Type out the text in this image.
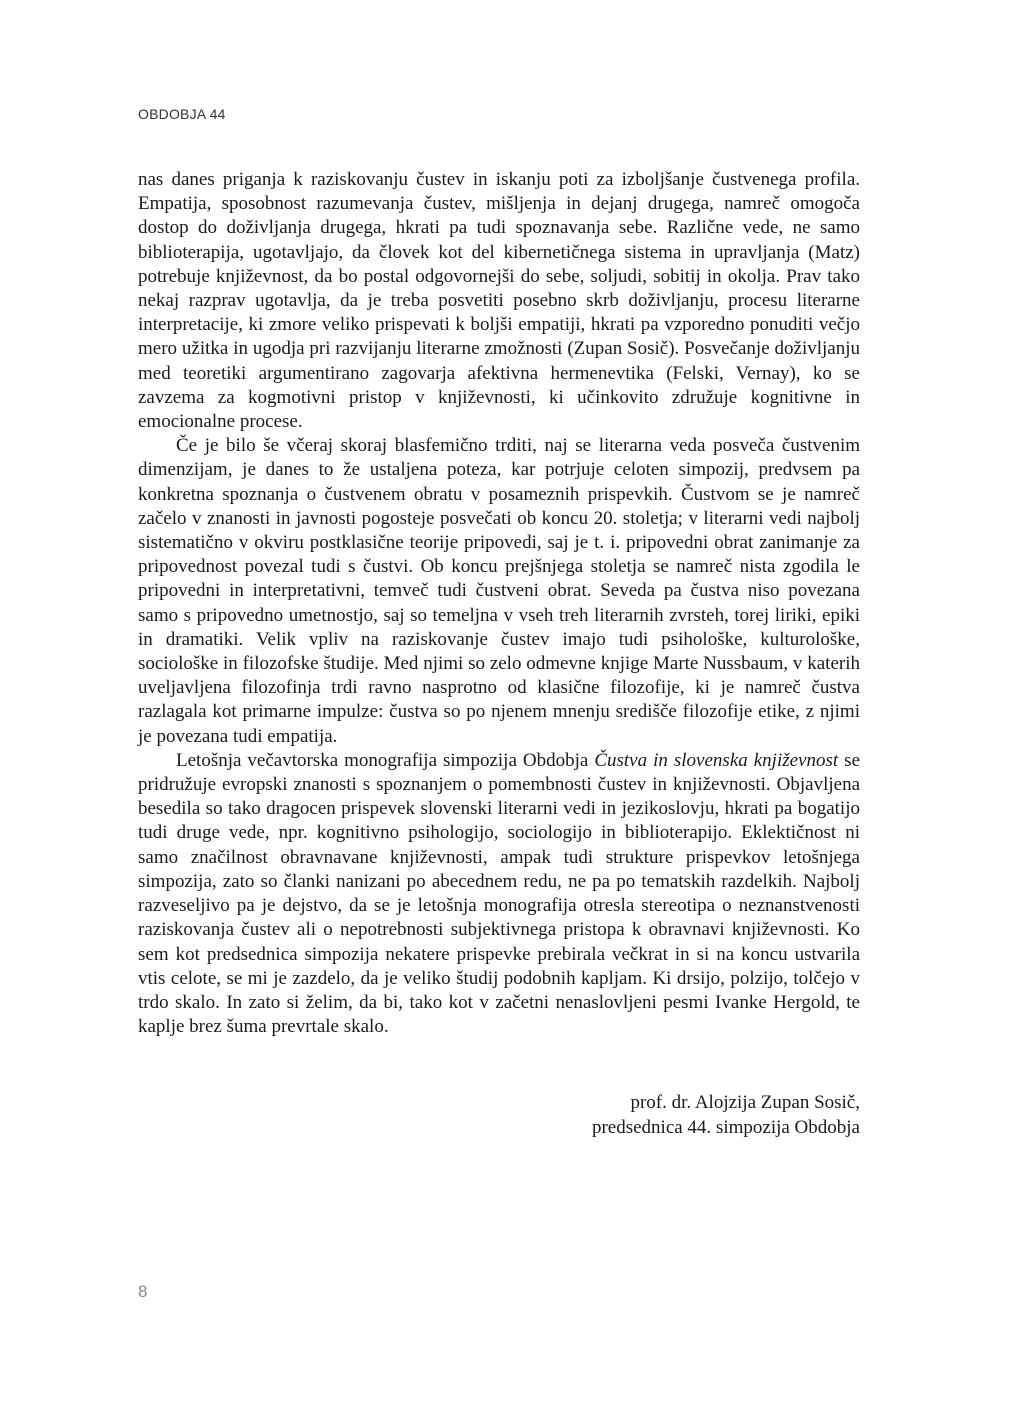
OBDOBJA 44

nas danes priganja k raziskovanju čustev in iskanju poti za izboljšanje čustvenega profila. Empatija, sposobnost razumevanja čustev, mišljenja in dejanj drugega, namreč omogoča dostop do doživljanja drugega, hkrati pa tudi spoznavanja sebe. Različne vede, ne samo biblioterapija, ugotavljajo, da človek kot del kibernetičnega sistema in upravljanja (Matz) potrebuje književnost, da bo postal odgovornejši do sebe, soljudi, sobitij in okolja. Prav tako nekaj razprav ugotavlja, da je treba posvetiti posebno skrb doživljanju, procesu literarne interpretacije, ki zmore veliko prispevati k boljši empatiji, hkrati pa vzporedno ponuditi večjo mero užitka in ugodja pri razvijanju literarne zmožnosti (Zupan Sosič). Posvečanje doživljanju med teoretiki argumentirano zagovarja afektivna hermenevtika (Felski, Vernay), ko se zavzema za kogmotivni pristop v književnosti, ki učinkovito združuje kognitivne in emocionalne procese.

Če je bilo še včeraj skoraj blasfemično trditi, naj se literarna veda posveča čustvenim dimenzijam, je danes to že ustaljena poteza, kar potrjuje celoten simpozij, predvsem pa konkretna spoznanja o čustvenem obratu v posameznih prispevkih. Čustvom se je namreč začelo v znanosti in javnosti pogosteje posvečati ob koncu 20. stoletja; v literarni vedi najbolj sistematično v okviru postklasične teorije pripovedi, saj je t. i. pripovedni obrat zanimanje za pripovednost povezal tudi s čustvi. Ob koncu prejšnjega stoletja se namreč nista zgodila le pripovedni in interpretativni, temveč tudi čustveni obrat. Seveda pa čustva niso povezana samo s pripovedno umetnostjo, saj so temeljna v vseh treh literarnih zvrsteh, torej liriki, epiki in dramatiki. Velik vpliv na raziskovanje čustev imajo tudi psihološke, kulturološke, sociološke in filozofske študije. Med njimi so zelo odmevne knjige Marte Nussbaum, v katerih uveljavljena filozofinja trdi ravno nasprotno od klasične filozofije, ki je namreč čustva razlagala kot primarne impulze: čustva so po njenem mnenju središče filozofije etike, z njimi je povezana tudi empatija.

Letošnja večavtorska monografija simpozija Obdobja Čustva in slovenska književnost se pridružuje evropski znanosti s spoznanjem o pomembnosti čustev in književnosti. Objavljena besedila so tako dragocen prispevek slovenski literarni vedi in jezikoslovju, hkrati pa bogatijo tudi druge vede, npr. kognitivno psihologijo, sociologijo in biblioterapijo. Eklektičnost ni samo značilnost obravnavane književnosti, ampak tudi strukture prispevkov letošnjega simpozija, zato so članki nanizani po abecednem redu, ne pa po tematskih razdelkih. Najbolj razveseljivo pa je dejstvo, da se je letošnja monografija otresla stereotipa o neznanstvenosti raziskovanja čustev ali o nepotrebnosti subjektivnega pristopa k obravnavi književnosti. Ko sem kot predsednica simpozija nekatere prispevke prebirala večkrat in si na koncu ustvarila vtis celote, se mi je zazdelo, da je veliko študij podobnih kapljam. Ki drsijo, polzijo, tolčejo v trdo skalo. In zato si želim, da bi, tako kot v začetni nenaslovljeni pesmi Ivanke Hergold, te kaplje brez šuma prevrtale skalo.

prof. dr. Alojzija Zupan Sosič,
predsednica 44. simpozija Obdobja
8
